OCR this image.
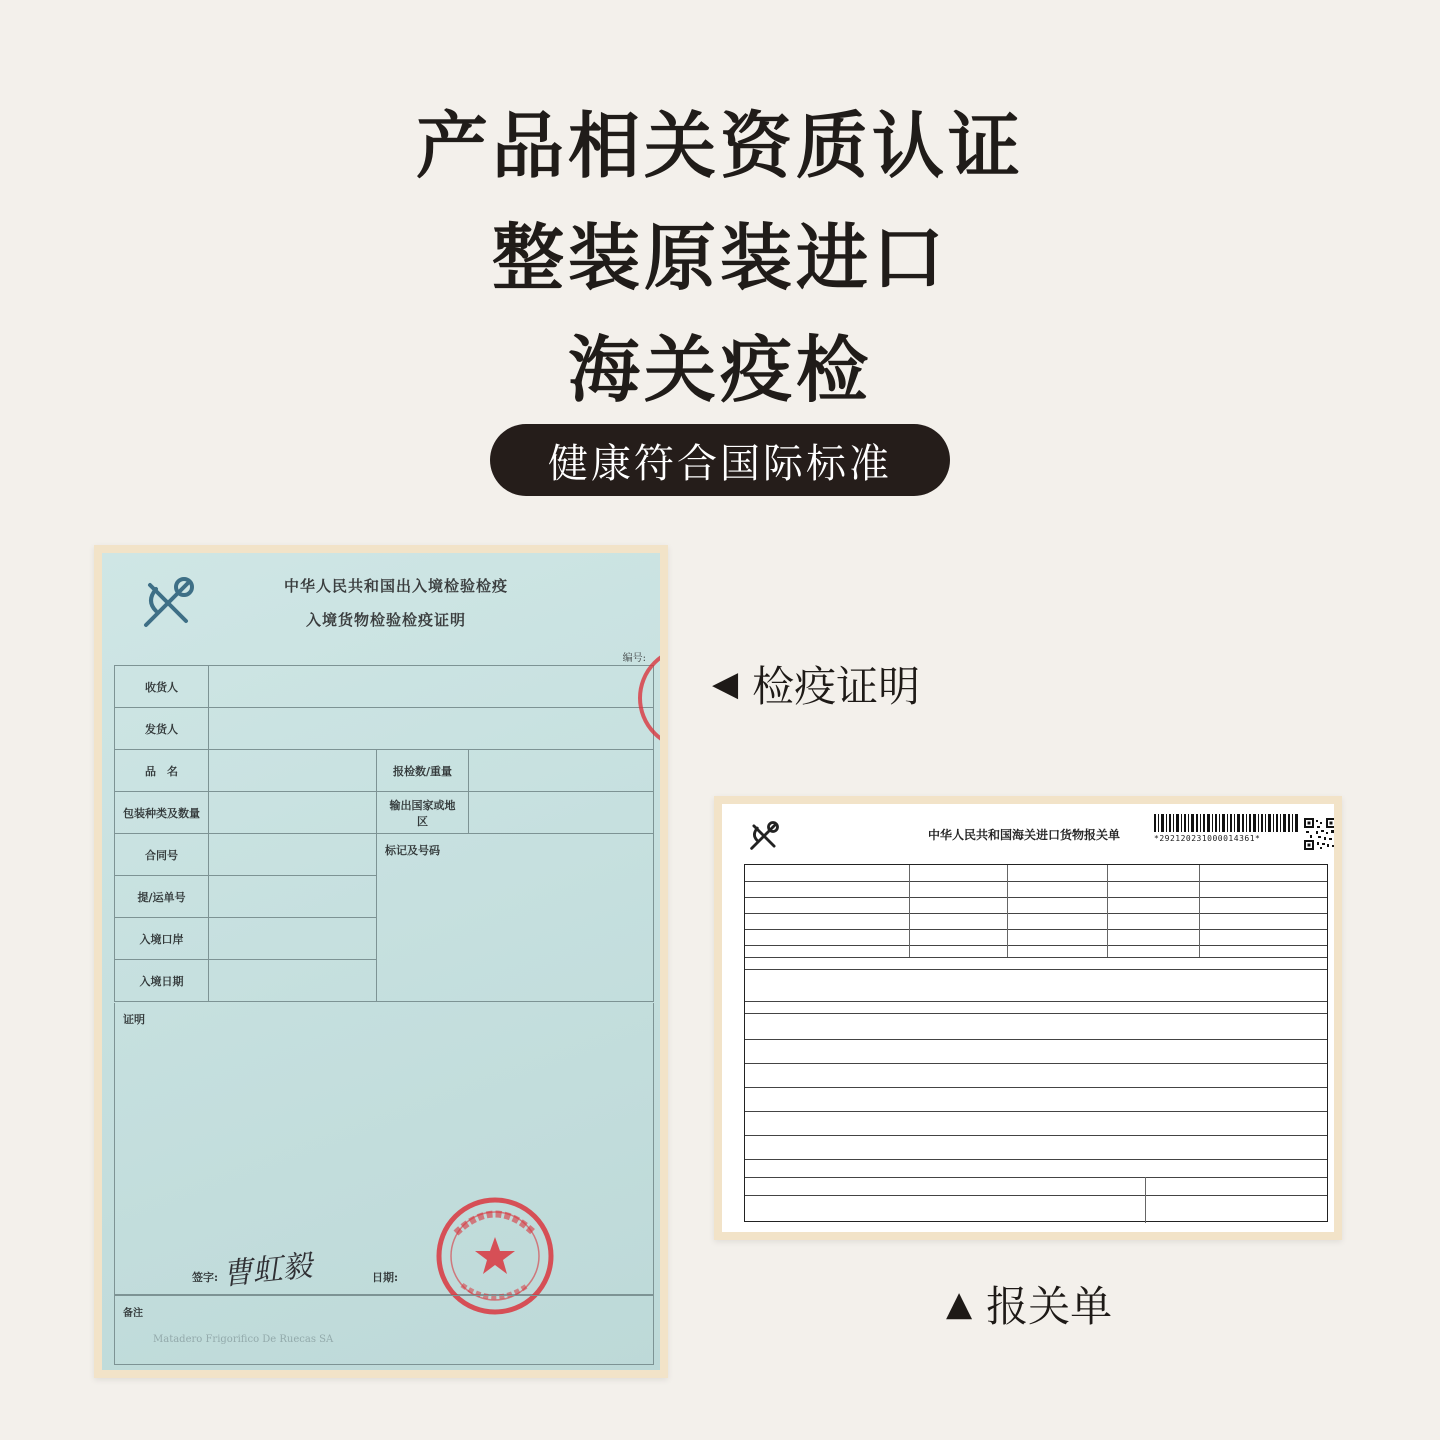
产品相关资质认证
整装原装进口
海关疫检
健康符合国际标准
中华人民共和国出入境检验检疫
入境货物检验检疫证明
编号:
收货人			
发货人			
品　名		报检数/重量	
包装种类及数量		输出国家或地区	
合同号		标记及号码	
提/运单号			
入境口岸			
入境日期			
证明
签字: 曹虹毅	日期:
备注
Matadero Frigorifico De Ruecas SA
◀ 检疫证明
中华人民共和国海关进口货物报关单	*292120231000014361*
▲ 报关单
